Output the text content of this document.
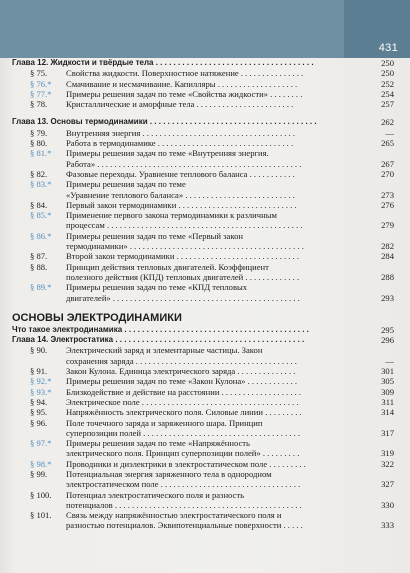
431
Глава 12. Жидкости и твёрдые тела . . . . . . . . . . . . . . . . . . . . . . . . . . . . . . . . . . . .	250
§ 75.	Свойства жидкости. Поверхностное натяжение . . . . . . . . . . . . . . .	250
§ 76.*	Смачивание и несмачивание. Капилляры . . . . . . . . . . . . . . . . . . .	252
§ 77.*	Примеры решения задач по теме «Свойства жидкости» . . . . . . . .	254
§ 78.	Кристаллические и аморфные тела . . . . . . . . . . . . . . . . . . . . . . .	257
Глава 13. Основы термодинамики . . . . . . . . . . . . . . . . . . . . . . . . . . . . . . . . . . . . . .	262
§ 79.	Внутренняя энергия . . . . . . . . . . . . . . . . . . . . . . . . . . . . . . . . . . . .	—
§ 80.	Работа в термодинамике . . . . . . . . . . . . . . . . . . . . . . . . . . . . . . . .	265
§ 81.*	Примеры решения задач по теме «Внутренняя энергия.
Работа» . . . . . . . . . . . . . . . . . . . . . . . . . . . . . . . . . . . . . . . . . . . . . . . .	267
§ 82.	Фазовые переходы. Уравнение теплового баланса . . . . . . . . . . .	270
§ 83.*	Примеры решения задач по теме
«Уравнение теплового баланса» . . . . . . . . . . . . . . . . . . . . . . . . . .	273
§ 84.	Первый закон термодинамики . . . . . . . . . . . . . . . . . . . . . . . . . . . .	276
§ 85.*	Применение первого закона термодинамики к различным
процессам . . . . . . . . . . . . . . . . . . . . . . . . . . . . . . . . . . . . . . . . . . . . . .	279
§ 86.*	Примеры решения задач по теме «Первый закон
термодинамики» . . . . . . . . . . . . . . . . . . . . . . . . . . . . . . . . . . . . . . . . .	282
§ 87.	Второй закон термодинамики . . . . . . . . . . . . . . . . . . . . . . . . . . . . .	284
§ 88.	Принцип действия тепловых двигателей. Коэффициент
полезного действия (КПД) тепловых двигателей . . . . . . . . . . . . .	288
§ 89.*	Примеры решения задач по теме «КПД тепловых
двигателей» . . . . . . . . . . . . . . . . . . . . . . . . . . . . . . . . . . . . . . . . . . . .	293
ОСНОВЫ ЭЛЕКТРОДИНАМИКИ
Что такое электродинамика . . . . . . . . . . . . . . . . . . . . . . . . . . . . . . . . . . . . . . . . . .	295
Глава 14. Электростатика . . . . . . . . . . . . . . . . . . . . . . . . . . . . . . . . . . . . . . . . . . .	296
§ 90.	Электрический заряд и элементарные частицы. Закон
сохранения заряда . . . . . . . . . . . . . . . . . . . . . . . . . . . . . . . . . . . . . .	—
§ 91.	Закон Кулона. Единица электрического заряда . . . . . . . . . . . . . .	301
§ 92.*	Примеры решения задач по теме «Закон Кулона» . . . . . . . . . . . .	305
§ 93.*	Близкодействие и действие на расстоянии . . . . . . . . . . . . . . . . . . .	309
§ 94.	Электрическое поле . . . . . . . . . . . . . . . . . . . . . . . . . . . . . . . . . . . . .	311
§ 95.	Напряжённость электрического поля. Силовые линии . . . . . . . . .	314
§ 96.	Поле точечного заряда и заряженного шара. Принцип
суперпозиции полей . . . . . . . . . . . . . . . . . . . . . . . . . . . . . . . . . . . . .	317
§ 97.*	Примеры решения задач по теме «Напряжённость
электрического поля. Принцип суперпозиции полей» . . . . . . . . .	319
§ 98.*	Проводники и диэлектрики в электростатическом поле . . . . . . . . .	322
§ 99.	Потенциальная энергия заряженного тела в однородном
электростатическом поле . . . . . . . . . . . . . . . . . . . . . . . . . . . . . . . . .	327
§ 100.	Потенциал электростатического поля и разность
потенциалов . . . . . . . . . . . . . . . . . . . . . . . . . . . . . . . . . . . . . . . . . . . .	330
§ 101.	Связь между напряжённостью электростатического поля и
разностью потенциалов. Эквипотенциальные поверхности . . . . .	333
